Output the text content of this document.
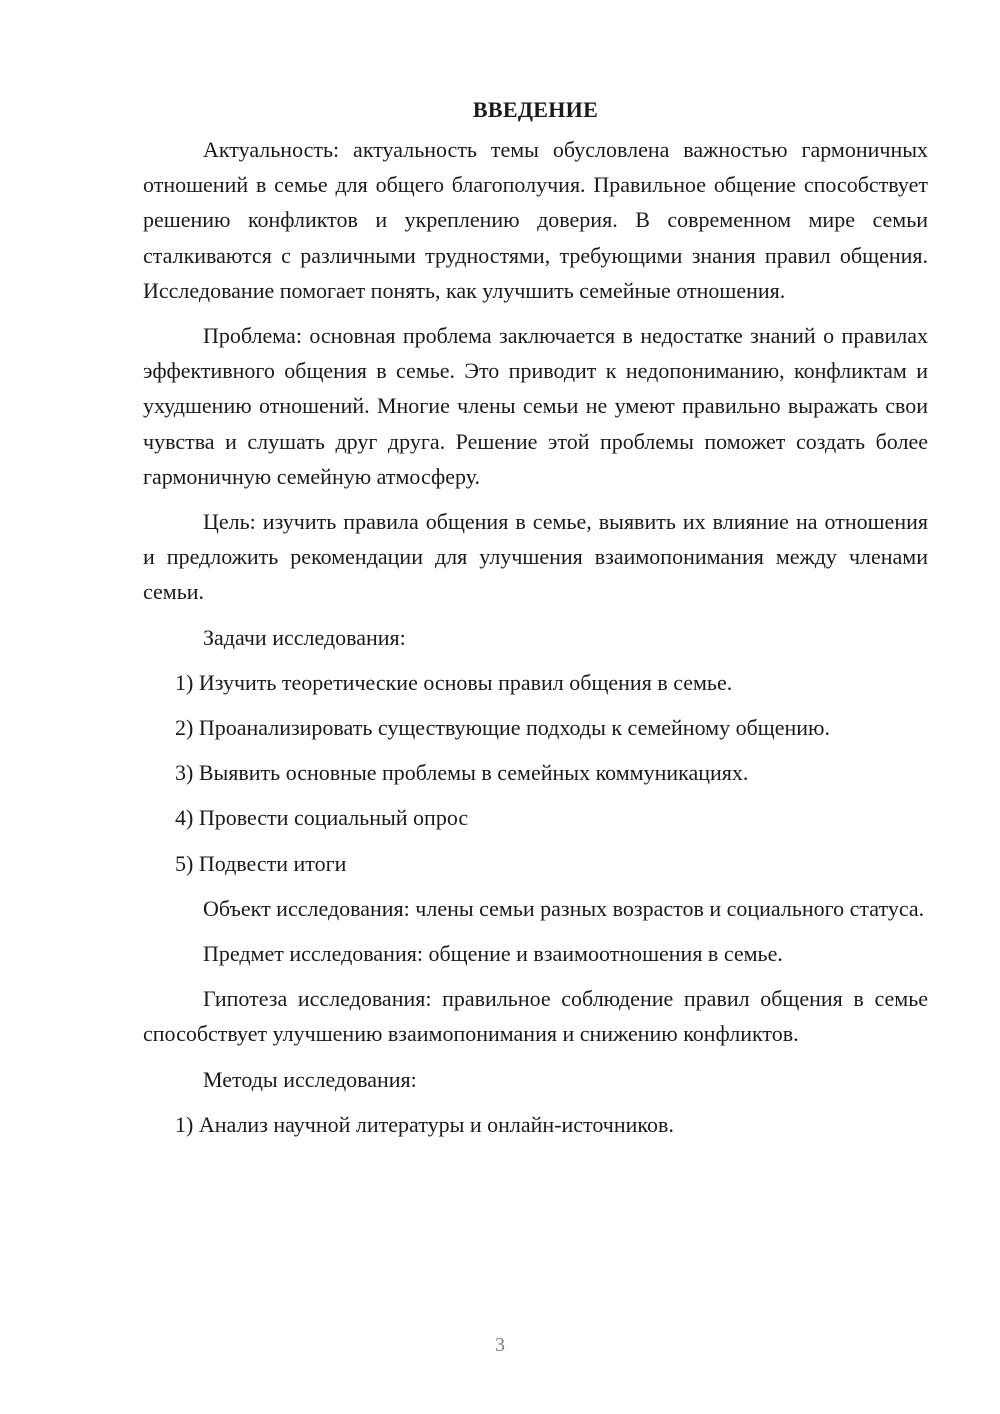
ВВЕДЕНИЕ

Актуальность: актуальность темы обусловлена важностью гармоничных отношений в семье для общего благополучия. Правильное общение способствует решению конфликтов и укреплению доверия. В современном мире семьи сталкиваются с различными трудностями, требующими знания правил общения. Исследование помогает понять, как улучшить семейные отношения.

Проблема: основная проблема заключается в недостатке знаний о правилах эффективного общения в семье. Это приводит к недопониманию, конфликтам и ухудшению отношений. Многие члены семьи не умеют правильно выражать свои чувства и слушать друг друга. Решение этой проблемы поможет создать более гармоничную семейную атмосферу.

Цель: изучить правила общения в семье, выявить их влияние на отношения и предложить рекомендации для улучшения взаимопонимания между членами семьи.

Задачи исследования:

1) Изучить теоретические основы правил общения в семье.
2) Проанализировать существующие подходы к семейному общению.
3) Выявить основные проблемы в семейных коммуникациях.
4) Провести социальный опрос
5) Подвести итоги

Объект исследования: члены семьи разных возрастов и социального статуса.

Предмет исследования: общение и взаимоотношения в семье.

Гипотеза исследования: правильное соблюдение правил общения в семье способствует улучшению взаимопонимания и снижению конфликтов.

Методы исследования:

1) Анализ научной литературы и онлайн-источников.
3
